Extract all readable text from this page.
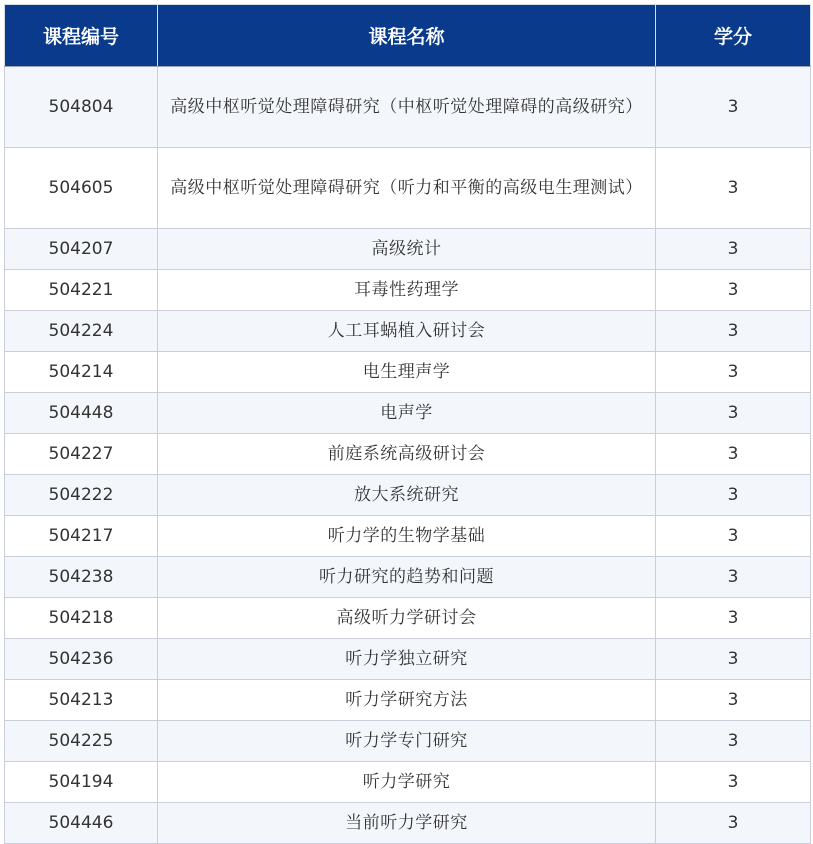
课程编号	课程名称	学分
504804	高级中枢听觉处理障碍研究（中枢听觉处理障碍的高级研究）	3
504605	高级中枢听觉处理障碍研究（听力和平衡的高级电生理测试）	3
504207	高级统计	3
504221	耳毒性药理学	3
504224	人工耳蜗植入研讨会	3
504214	电生理声学	3
504448	电声学	3
504227	前庭系统高级研讨会	3
504222	放大系统研究	3
504217	听力学的生物学基础	3
504238	听力研究的趋势和问题	3
504218	高级听力学研讨会	3
504236	听力学独立研究	3
504213	听力学研究方法	3
504225	听力学专门研究	3
504194	听力学研究	3
504446	当前听力学研究	3
